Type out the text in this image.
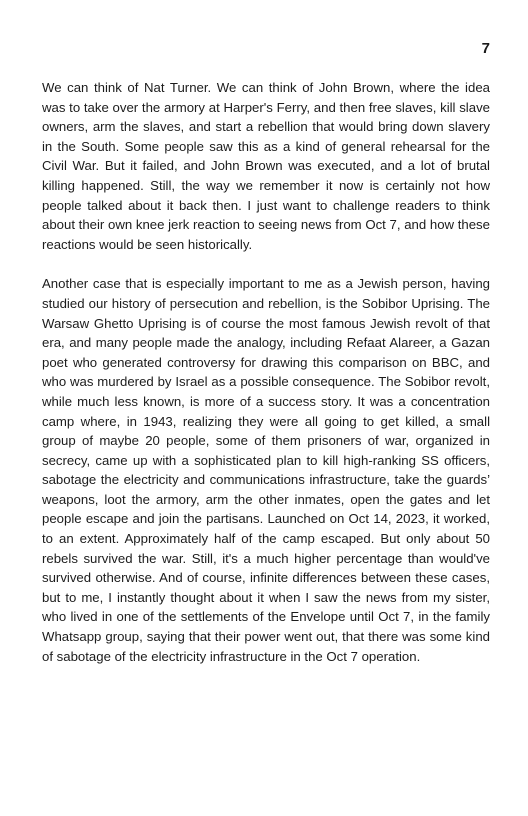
7

We can think of Nat Turner. We can think of John Brown, where the idea was to take over the armory at Harper's Ferry, and then free slaves, kill slave owners, arm the slaves, and start a rebellion that would bring down slavery in the South. Some people saw this as a kind of general rehearsal for the Civil War. But it failed, and John Brown was executed, and a lot of brutal killing happened. Still, the way we remember it now is certainly not how people talked about it back then. I just want to challenge readers to think about their own knee jerk reaction to seeing news from Oct 7, and how these reactions would be seen historically.

Another case that is especially important to me as a Jewish person, having studied our history of persecution and rebellion, is the Sobibor Uprising. The Warsaw Ghetto Uprising is of course the most famous Jewish revolt of that era, and many people made the analogy, including Refaat Alareer, a Gazan poet who generated controversy for drawing this comparison on BBC, and who was murdered by Israel as a possible consequence. The Sobibor revolt, while much less known, is more of a success story. It was a concentration camp where, in 1943, realizing they were all going to get killed, a small group of maybe 20 people, some of them prisoners of war, organized in secrecy, came up with a sophisticated plan to kill high-ranking SS officers, sabotage the electricity and communications infrastructure, take the guards’ weapons, loot the armory, arm the other inmates, open the gates and let people escape and join the partisans. Launched on Oct 14, 2023, it worked, to an extent. Approximately half of the camp escaped. But only about 50 rebels survived the war. Still, it's a much higher percentage than would've survived otherwise. And of course, infinite differences between these cases, but to me, I instantly thought about it when I saw the news from my sister, who lived in one of the settlements of the Envelope until Oct 7, in the family Whatsapp group, saying that their power went out, that there was some kind of sabotage of the electricity infrastructure in the Oct 7 operation.
